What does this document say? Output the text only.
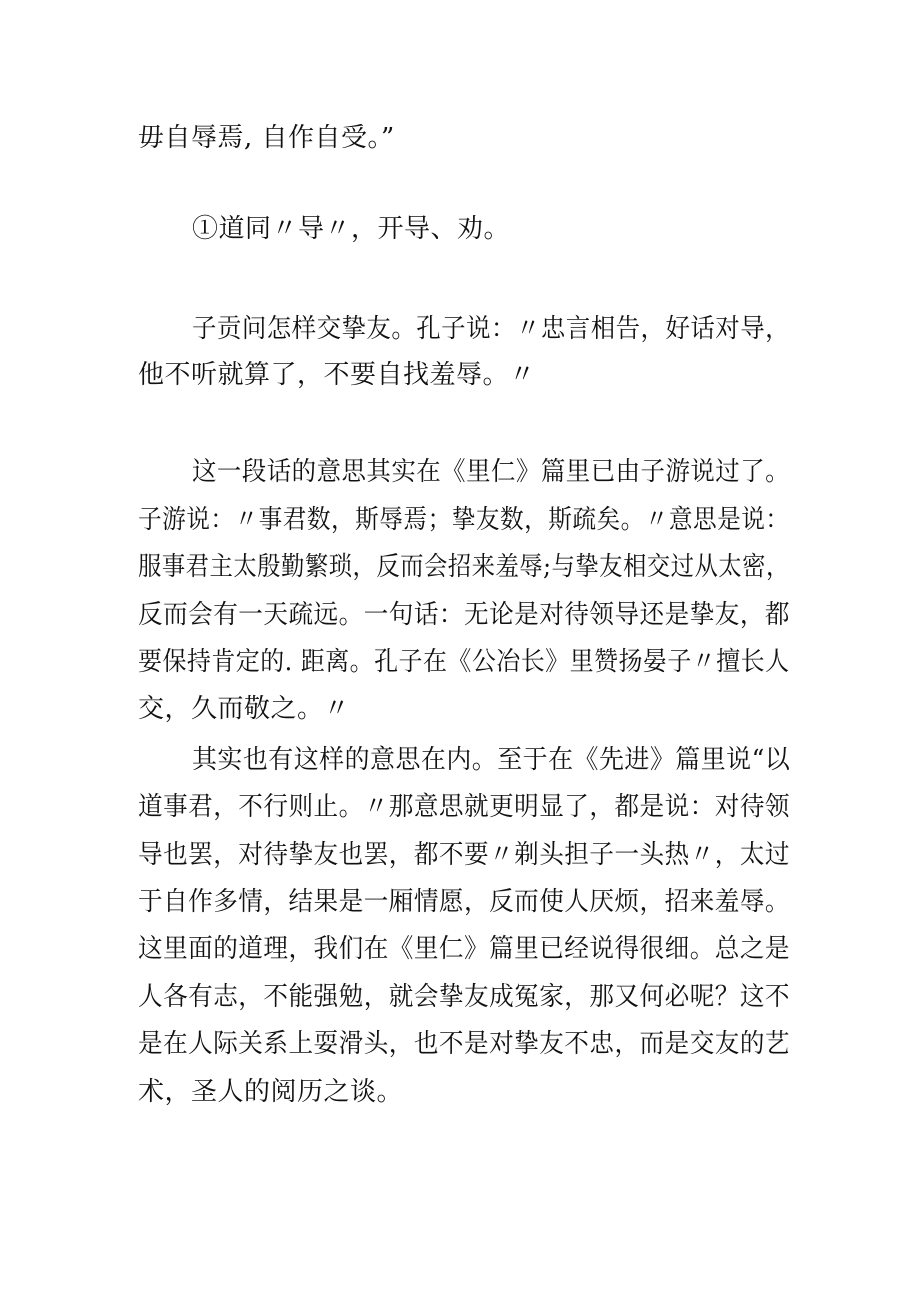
毋自辱焉, 自作自受。”
①道同〃导〃，开导、劝。
子贡问怎样交挚友。孔子说：〃忠言相告，好话对导，
他不听就算了，不要自找羞辱。〃
这一段话的意思其实在《里仁》篇里已由子游说过了。
子游说：〃事君数，斯辱焉；挚友数，斯疏矣。〃意思是说：
服事君主太殷勤繁琐，反而会招来羞辱;与挚友相交过从太密，
反而会有一天疏远。一句话：无论是对待领导还是挚友，都
要保持肯定的. 距离。孔子在《公冶长》里赞扬晏子〃擅长人
交，久而敬之。〃
其实也有这样的意思在内。至于在《先进》篇里说“以
道事君，不行则止。〃那意思就更明显了，都是说：对待领
导也罢，对待挚友也罢，都不要〃剃头担子一头热〃，太过
于自作多情，结果是一厢情愿，反而使人厌烦，招来羞辱。
这里面的道理，我们在《里仁》篇里已经说得很细。总之是
人各有志，不能强勉，就会挚友成冤家，那又何必呢？这不
是在人际关系上耍滑头，也不是对挚友不忠，而是交友的艺
术，圣人的阅历之谈。
